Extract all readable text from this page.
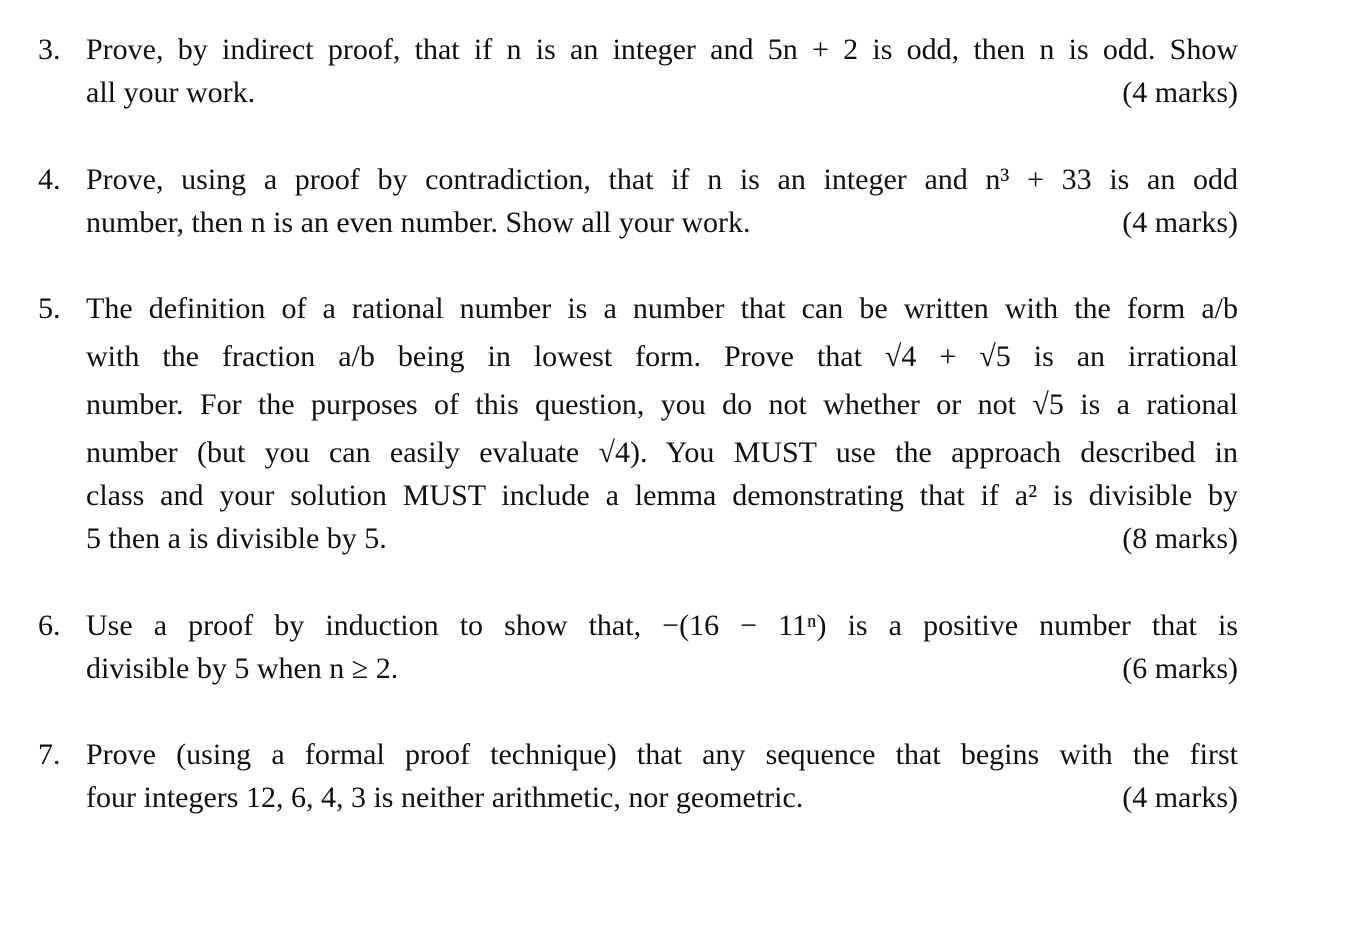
3. Prove, by indirect proof, that if n is an integer and 5n + 2 is odd, then n is odd. Show
all your work.	(4 marks)
4. Prove, using a proof by contradiction, that if n is an integer and n³ + 33 is an odd
number, then n is an even number. Show all your work.	(4 marks)
5. The definition of a rational number is a number that can be written with the form a/b
with the fraction a/b being in lowest form. Prove that √4 + √5 is an irrational
number. For the purposes of this question, you do not whether or not √5 is a rational
number (but you can easily evaluate √4). You MUST use the approach described in
class and your solution MUST include a lemma demonstrating that if a² is divisible by
5 then a is divisible by 5.	(8 marks)
6. Use a proof by induction to show that, −(16 − 11ⁿ) is a positive number that is
divisible by 5 when n ≥ 2.	(6 marks)
7. Prove (using a formal proof technique) that any sequence that begins with the first
four integers 12, 6, 4, 3 is neither arithmetic, nor geometric.	(4 marks)
